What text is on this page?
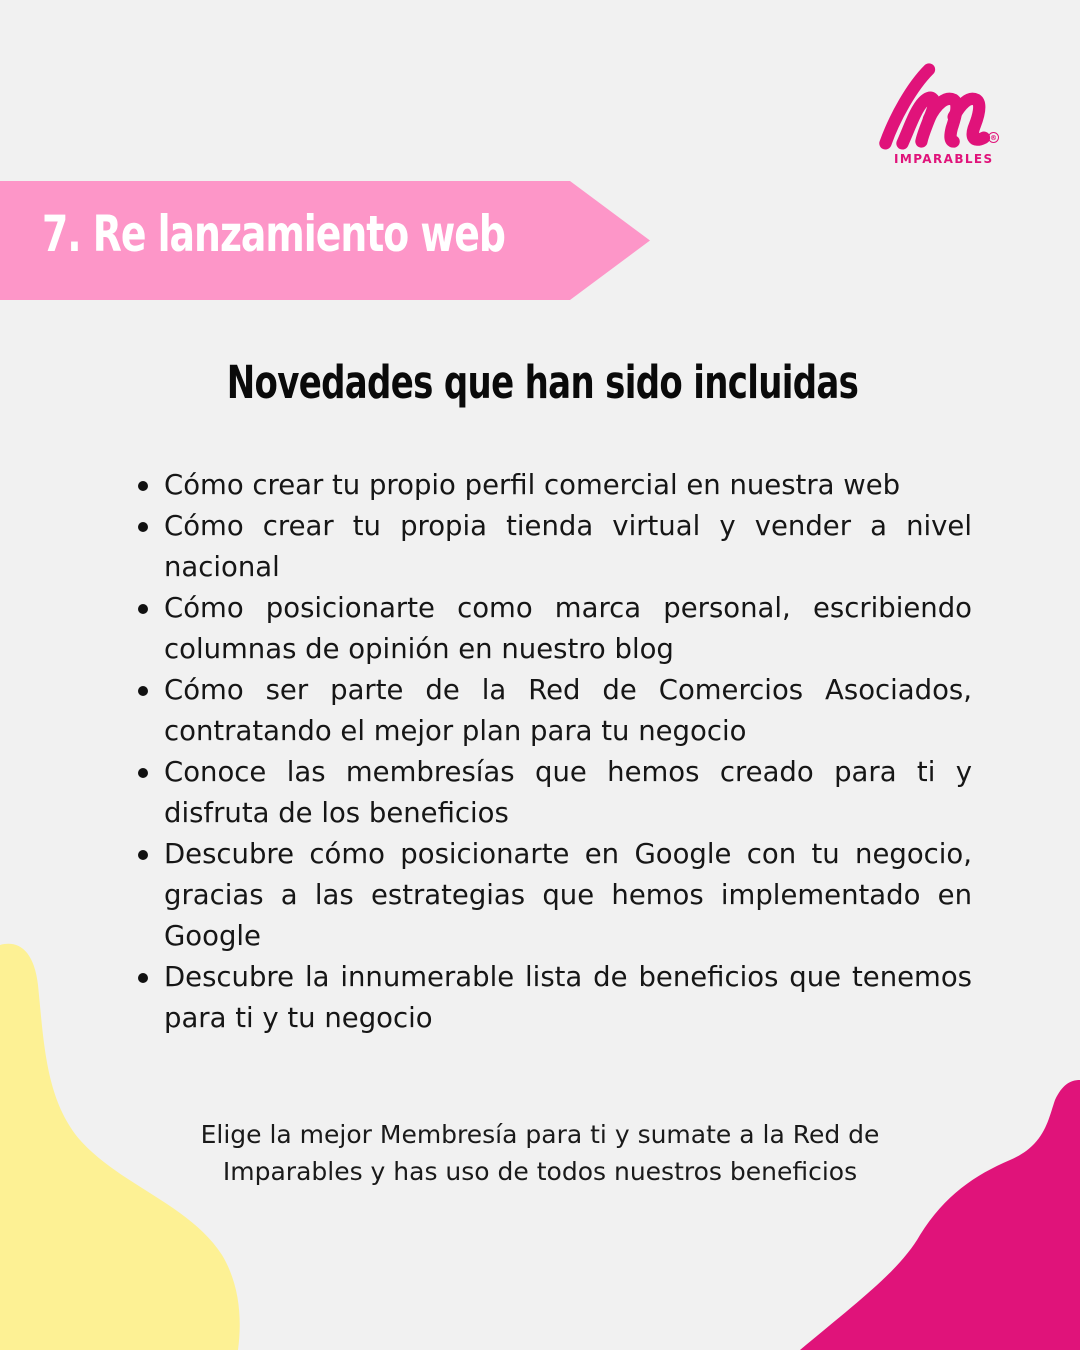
®
IMPARABLES
7. Re lanzamiento web
Novedades que han sido incluidas
Cómo crear tu propio perfil comercial en nuestra web
Cómo crear tu propia tienda virtual y vender a nivel nacional
Cómo posicionarte como marca personal, escribiendo columnas de opinión en nuestro blog
Cómo ser parte de la Red de Comercios Asociados, contratando el mejor plan para tu negocio
Conoce las membresías que hemos creado para ti y disfruta de los beneficios
Descubre cómo posicionarte en Google con tu negocio, gracias a las estrategias que hemos implementado en Google
Descubre la innumerable lista de beneficios que tenemos para ti y tu negocio
Elige la mejor Membresía para ti y sumate a la Red de
Imparables y has uso de todos nuestros beneficios
